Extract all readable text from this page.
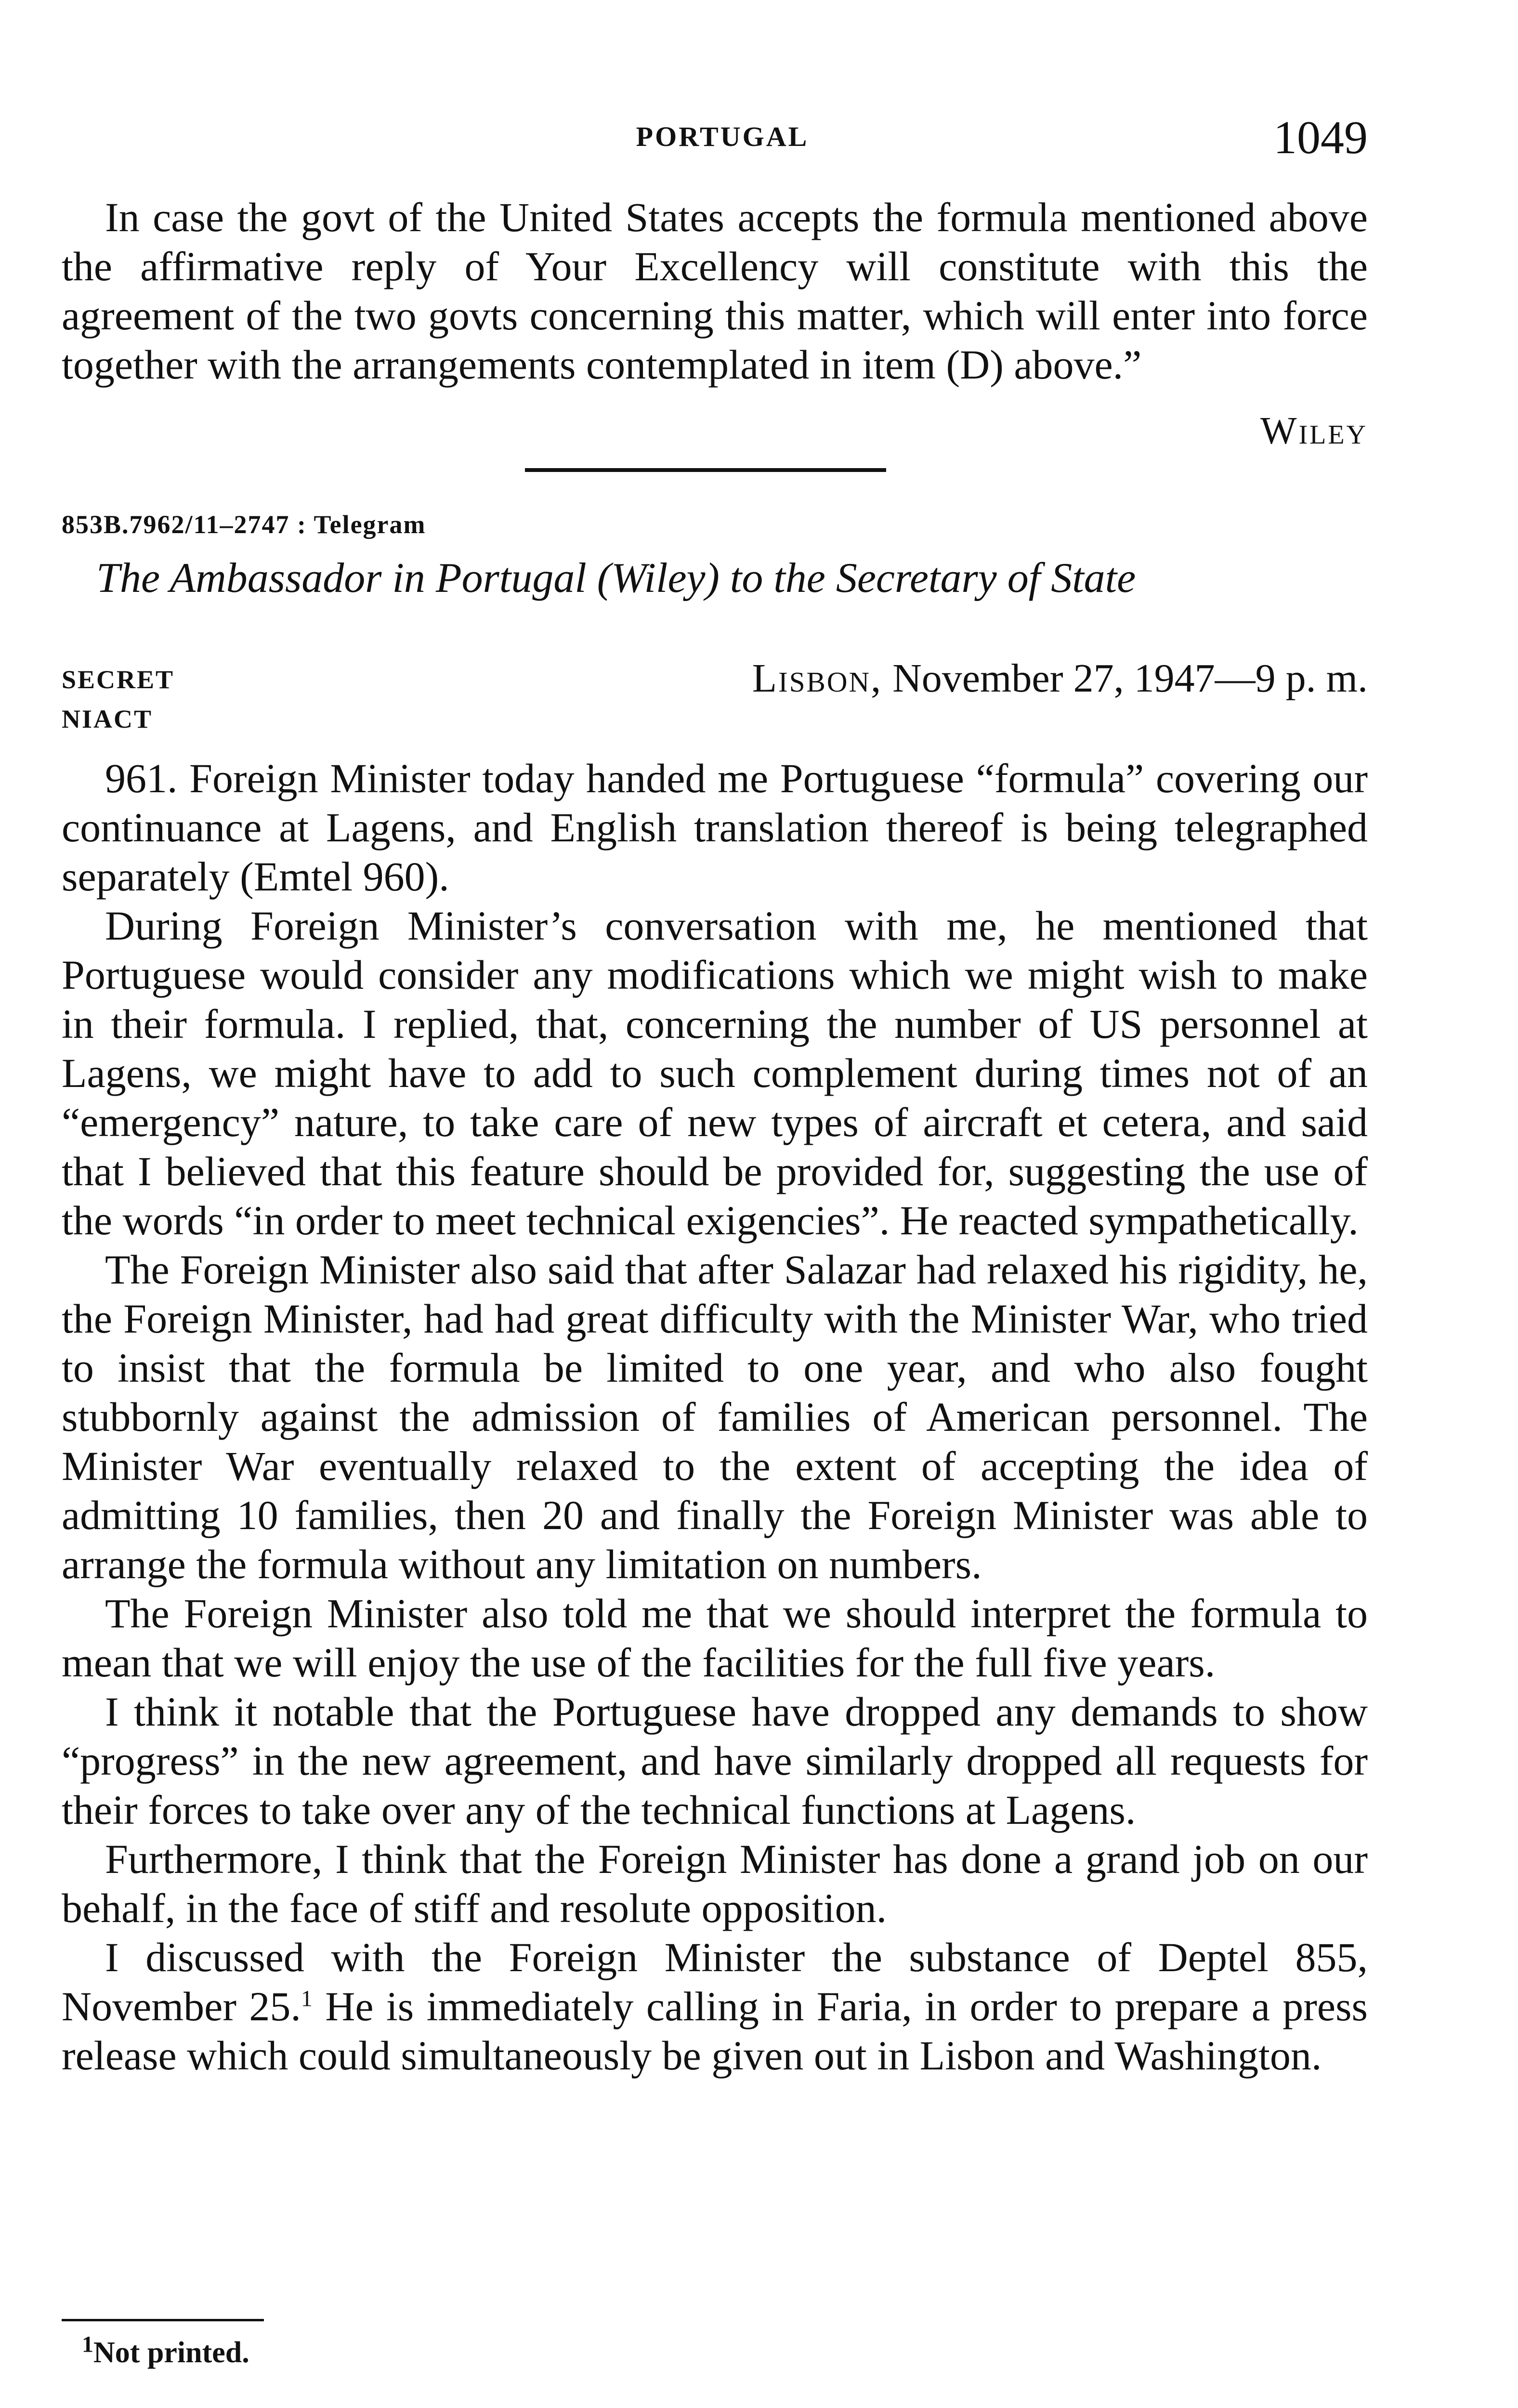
PORTUGAL	1049

In case the govt of the United States accepts the formula mentioned above the affirmative reply of Your Excellency will constitute with this the agreement of the two govts concerning this matter, which will enter into force together with the arrangements contemplated in item (D) above.”

Wiley
853B.7962/11–2747 : Telegram
The Ambassador in Portugal (Wiley) to the Secretary of State
SECRET
NIACT
Lisbon, November 27, 1947—9 p. m.

961. Foreign Minister today handed me Portuguese “formula” covering our continuance at Lagens, and English translation thereof is being telegraphed separately (Emtel 960).

During Foreign Minister’s conversation with me, he mentioned that Portuguese would consider any modifications which we might wish to make in their formula. I replied, that, concerning the number of US personnel at Lagens, we might have to add to such complement during times not of an “emergency” nature, to take care of new types of aircraft et cetera, and said that I believed that this feature should be provided for, suggesting the use of the words “in order to meet technical exigencies”. He reacted sympathetically.

The Foreign Minister also said that after Salazar had relaxed his rigidity, he, the Foreign Minister, had had great difficulty with the Minister War, who tried to insist that the formula be limited to one year, and who also fought stubbornly against the admission of families of American personnel. The Minister War eventually relaxed to the extent of accepting the idea of admitting 10 families, then 20 and finally the Foreign Minister was able to arrange the formula without any limitation on numbers.

The Foreign Minister also told me that we should interpret the formula to mean that we will enjoy the use of the facilities for the full five years.

I think it notable that the Portuguese have dropped any demands to show “progress” in the new agreement, and have similarly dropped all requests for their forces to take over any of the technical functions at Lagens.

Furthermore, I think that the Foreign Minister has done a grand job on our behalf, in the face of stiff and resolute opposition.

I discussed with the Foreign Minister the substance of Deptel 855, November 25.$^1$ He is immediately calling in Faria, in order to prepare a press release which could simultaneously be given out in Lisbon and Washington.

$^1$Not printed.
